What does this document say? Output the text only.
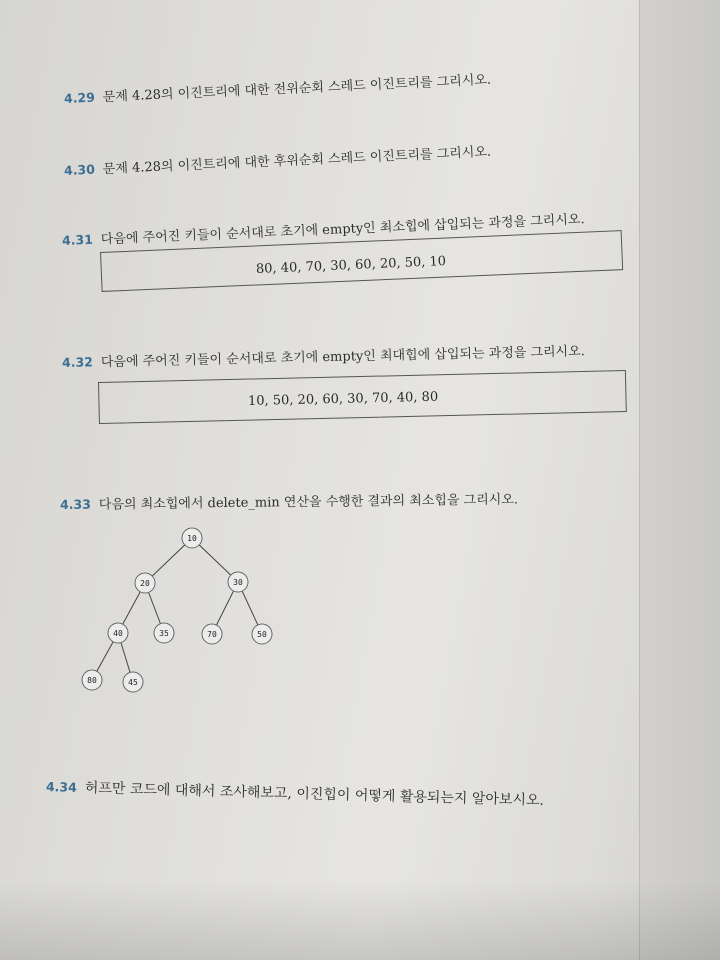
4.29 문제 4.28의 이진트리에 대한 전위순회 스레드 이진트리를 그리시오.
4.30 문제 4.28의 이진트리에 대한 후위순회 스레드 이진트리를 그리시오.
4.31 다음에 주어진 키들이 순서대로 초기에 empty인 최소힙에 삽입되는 과정을 그리시오.
80, 40, 70, 30, 60, 20, 50, 10
4.32 다음에 주어진 키들이 순서대로 초기에 empty인 최대힙에 삽입되는 과정을 그리시오.
10, 50, 20, 60, 30, 70, 40, 80
4.33 다음의 최소힙에서 delete_min 연산을 수행한 결과의 최소힙을 그리시오.
10
20	30
40	35	70	50
80	45
4.34 허프만 코드에 대해서 조사해보고, 이진힙이 어떻게 활용되는지 알아보시오.
